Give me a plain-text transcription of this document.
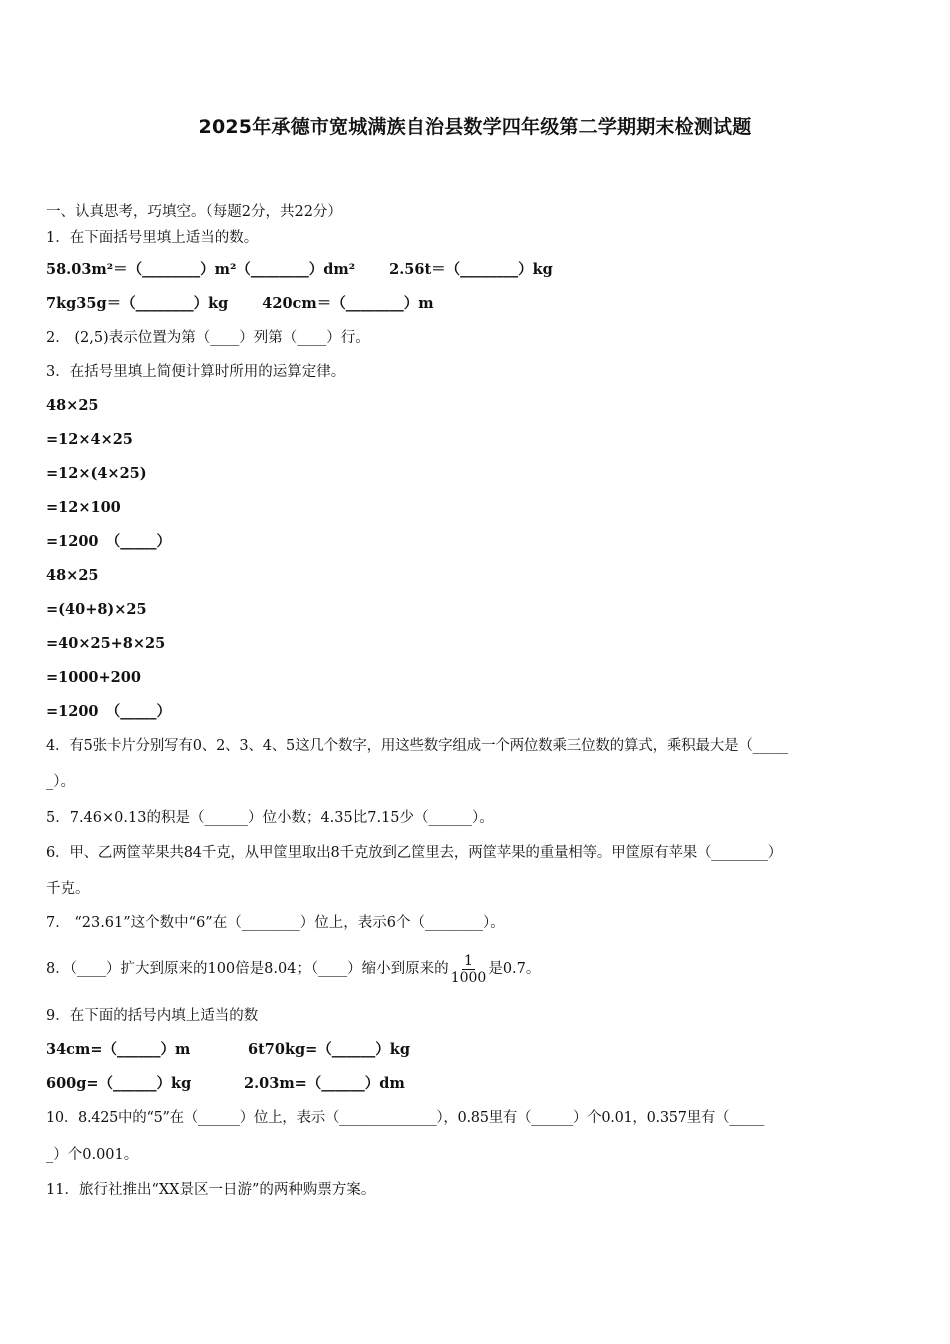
2025年承德市宽城满族自治县数学四年级第二学期期末检测试题
一、认真思考，巧填空。（每题2分，共22分）
1．在下面括号里填上适当的数。
58.03m²＝（________）m²（________）dm² 2.56t＝（________）kg
7kg35g＝（________）kg 420cm＝（________）m
2． (2,5)表示位置为第（____）列第（____）行。
3．在括号里填上简便计算时所用的运算定律。
48×25
=12×4×25
=12×(4×25)
=12×100
=1200　（_____）
48×25
=(40+8)×25
=40×25+8×25
=1000+200
=1200　（_____）
4．有5张卡片分别写有0、2、3、4、5这几个数字，用这些数字组成一个两位数乘三位数的算式，乘积最大是（_____
_）。
5．7.46×0.13的积是（______）位小数；4.35比7.15少（______）。
6．甲、乙两筐苹果共84千克，从甲筐里取出8千克放到乙筐里去，两筐苹果的重量相等。甲筐原有苹果（________）
千克。
7． “23.61”这个数中“6”在（________）位上，表示6个（________）。
8．（____）扩大到原来的100倍是8.04；（____）缩小到原来的 $\frac{1}{1000}$ 是0.7。
9．在下面的括号内填上适当的数
34cm=（______）m	6t70kg=（______）kg
600g=（______）kg	2.03m=（______）dm
10．8.425中的“5”在（______）位上，表示（______________），0.85里有（______）个0.01，0.357里有（_____
_）个0.001。
11．旅行社推出“XX景区一日游”的两种购票方案。
